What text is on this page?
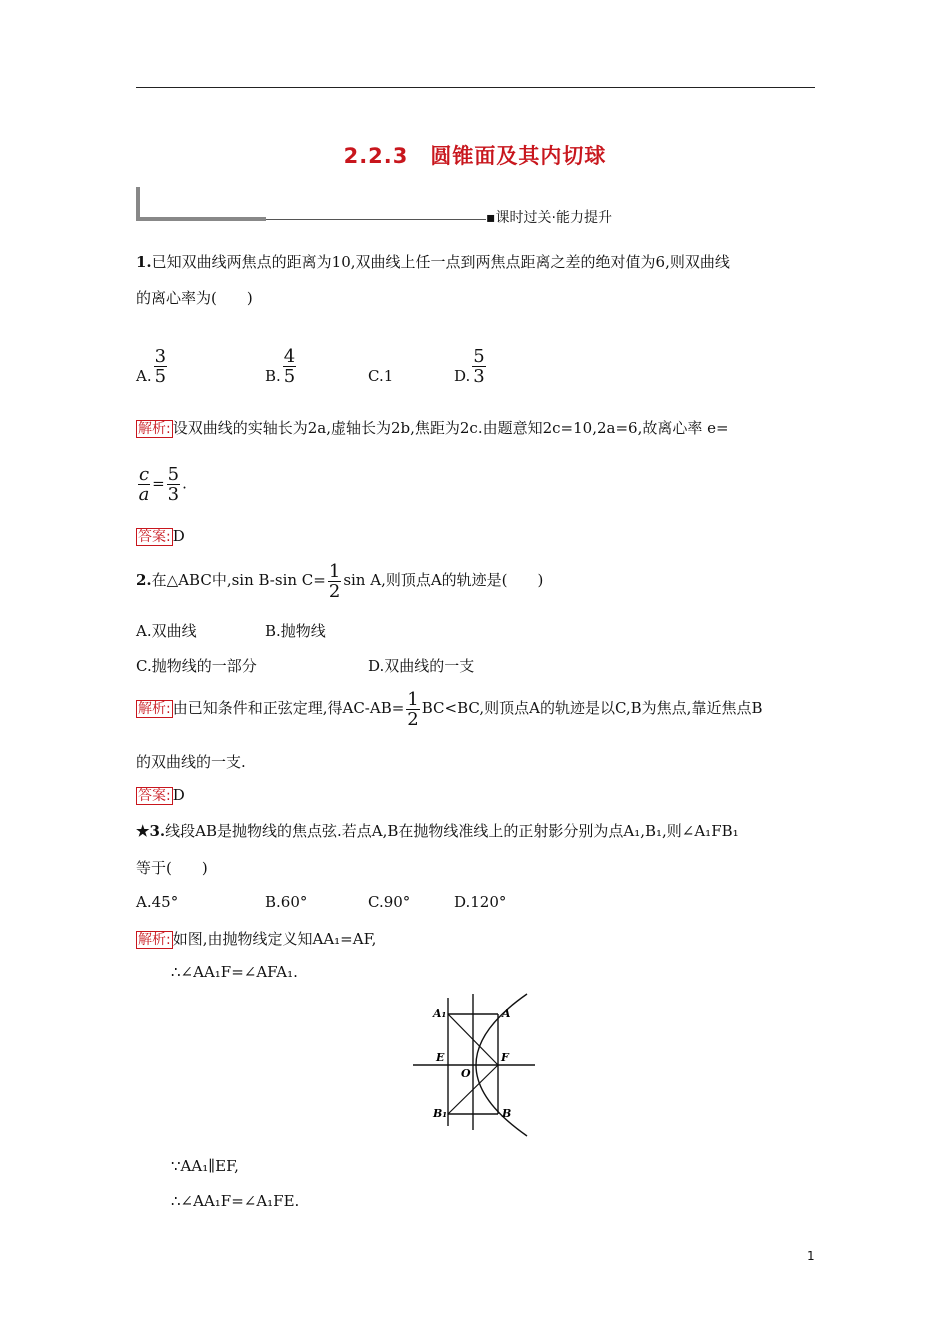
2.2.3　圆锥面及其内切球
▪课时过关·能力提升
1.已知双曲线两焦点的距离为10,双曲线上任一点到两焦点距离之差的绝对值为6,则双曲线
的离心率为(　　)
A. $\frac{3}{5}$	B. $\frac{4}{5}$	C.1	D. $\frac{5}{3}$
解析: 设双曲线的实轴长为2a,虚轴长为2b,焦距为2c.由题意知2c=10,2a=6,故离心率 e=
$\frac{c}{a} = \frac{5}{3}$ .
答案: D
2.在△ABC中,sin B-sin $C= \frac{1}{2}$ sin A,则顶点A的轨迹是(　　)
A.双曲线	B.抛物线
C.抛物线的一部分	D.双曲线的一支
解析: 由已知条件和正弦定理,得$AC-AB= \frac{1}{2} BC<BC$,则顶点A的轨迹是以C,B为焦点,靠近焦点B
的双曲线的一支.
答案: D
★3.线段AB是抛物线的焦点弦.若点A,B在抛物线准线上的正射影分别为点A₁,B₁,则∠A₁FB₁
等于(　　)
A.45°	B.60°	C.90°	D.120°
解析: 如图,由抛物线定义知AA₁=AF,
∴∠AA₁F=∠AFA₁.
A₁	A
E	F
O
B₁	B
∵AA₁∥EF,
∴∠AA₁F=∠A₁FE.
1
